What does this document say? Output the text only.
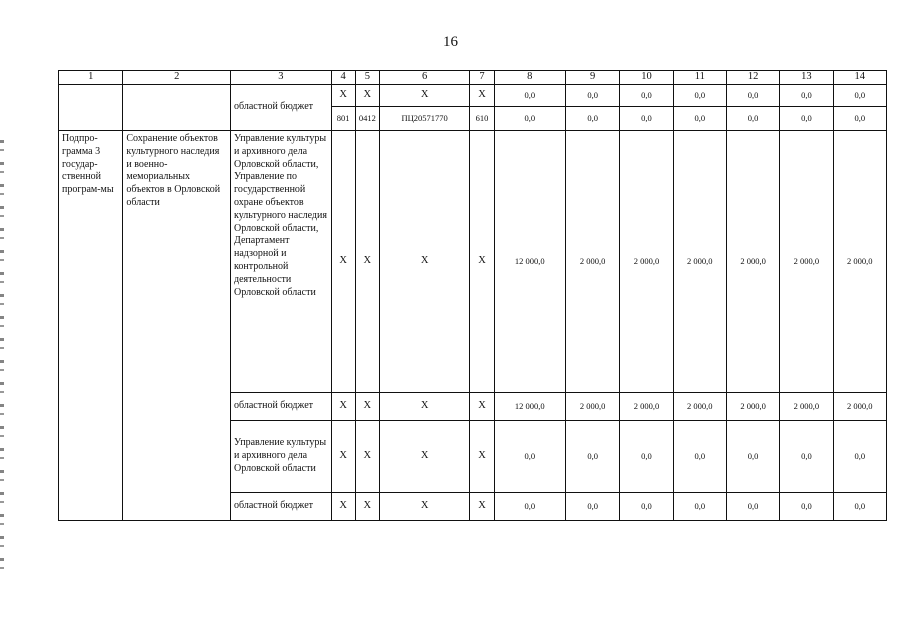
16
1	2	3	4	5	6	7	8	9	10	11	12	13	14
		областной бюджет	Х	Х	Х	Х	0,0	0,0	0,0	0,0	0,0	0,0	0,0
			801	0412	ПЦ20571770	610	0,0	0,0	0,0	0,0	0,0	0,0	0,0
Подпро-грамма 3 государ-ственной програм-мы	Сохранение объектов культурного наследия и военно-мемориальных объектов в Орловской области	Управление культуры и архивного дела Орловской области, Управление по государственной охране объектов культурного наследия Орловской области, Департамент надзорной и контрольной деятельности Орловской области	Х	Х	Х	Х	12 000,0	2 000,0	2 000,0	2 000,0	2 000,0	2 000,0	2 000,0
		областной бюджет	Х	Х	Х	Х	12 000,0	2 000,0	2 000,0	2 000,0	2 000,0	2 000,0	2 000,0
		Управление культуры и архивного дела Орловской области	Х	Х	Х	Х	0,0	0,0	0,0	0,0	0,0	0,0	0,0
		областной бюджет	Х	Х	Х	Х	0,0	0,0	0,0	0,0	0,0	0,0	0,0
